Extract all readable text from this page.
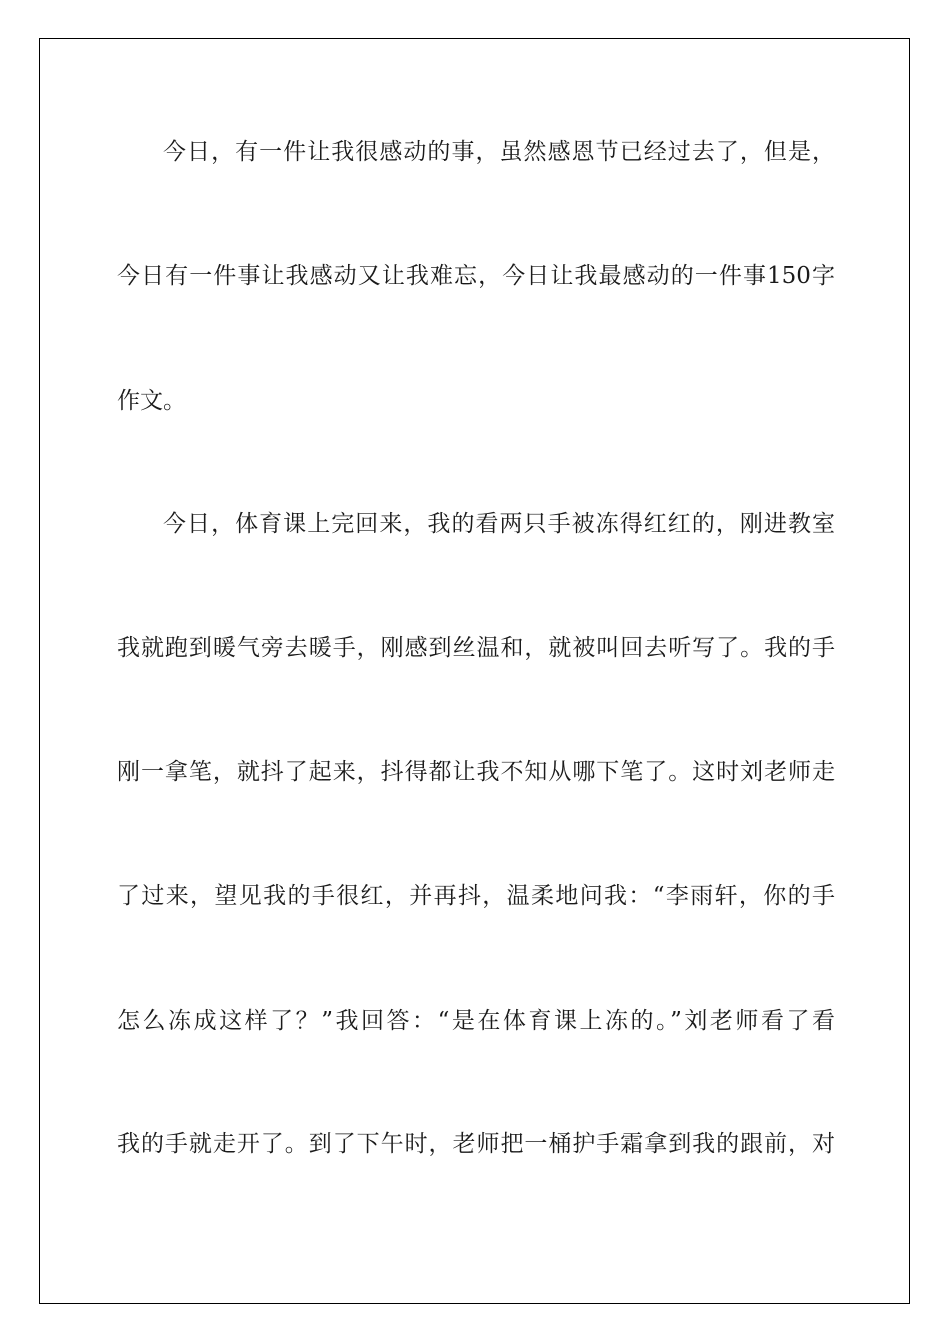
今日，有一件让我很感动的事，虽然感恩节已经过去了，但是，
今日有一件事让我感动又让我难忘，今日让我最感动的一件事150字
作文。
今日，体育课上完回来，我的看两只手被冻得红红的，刚进教室
我就跑到暖气旁去暖手，刚感到丝温和，就被叫回去听写了。我的手
刚一拿笔，就抖了起来，抖得都让我不知从哪下笔了。这时刘老师走
了过来，望见我的手很红，并再抖，温柔地问我：“李雨轩，你的手
怎么冻成这样了？”我回答：“是在体育课上冻的。”刘老师看了看
我的手就走开了。到了下午时，老师把一桶护手霜拿到我的跟前，对
